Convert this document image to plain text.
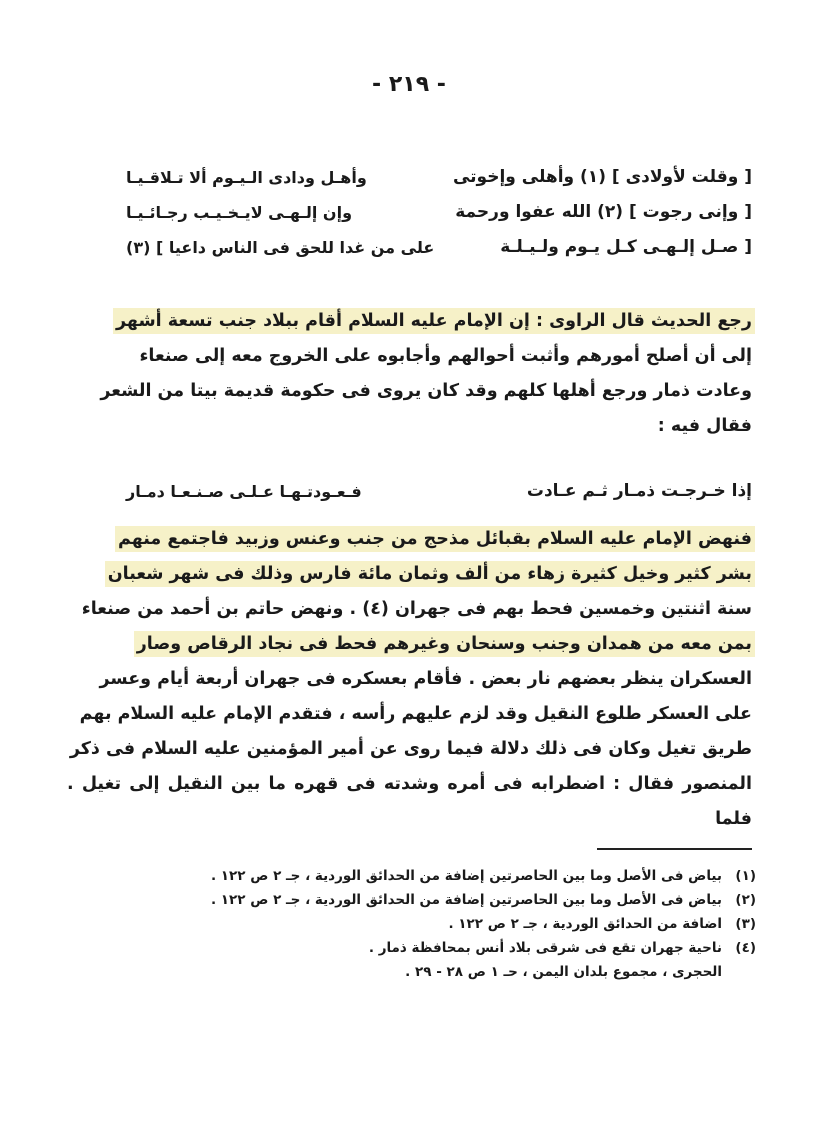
- ٢١٩ -
[ وقلت لأولادى ] (١) وأهلى وإخوتى
وأهـل ودادى الـيـوم ألا تـلاقـيـا
[ وإنى رجوت ] (٢) الله عفوا ورحمة
وإن إلـهـى لايـخـيـب رجـائـيـا
[ صـل إلـهـى كـل يـوم ولـيـلـة
على من غدا للحق فى الناس داعيا ] (٣)
رجع الحديث قال الراوى : إن الإمام عليه السلام أقام ببلاد جنب تسعة أشهر
إلى أن أصلح أمورهم وأثبت أحوالهم وأجابوه على الخروج معه إلى صنعاء
وعادت ذمار ورجع أهلها كلهم وقد كان يروى فى حكومة قديمة بيتا من الشعر
فقال فيه :
إذا خـرجـت ذمـار ثـم عـادت
فـعـودتـهـا عـلـى صـنـعـا دمـار
فنهض الإمام عليه السلام بقبائل مذحج من جنب وعنس وزبيد فاجتمع منهم
بشر كثير وخيل كثيرة زهاء من ألف وثمان مائة فارس وذلك فى شهر شعبان
سنة اثنتين وخمسين فحط بهم فى جهران (٤) . ونهض حاتم بن أحمد من صنعاء
بمن معه من همدان وجنب وسنحان وغيرهم فحط فى نجاد الرقاص وصار
العسكران ينظر بعضهم نار بعض . فأقام بعسكره فى جهران أربعة أيام وعسر
على العسكر طلوع النقيل وقد لزم عليهم رأسه ، فتقدم الإمام عليه السلام بهم
طريق تغيل وكان فى ذلك دلالة فيما روى عن أمير المؤمنين عليه السلام فى ذكر
المنصور فقال : اضطرابه فى أمره وشدته فى قهره ما بين النقيل إلى تغيل . فلما
(١)
بياض فى الأصل وما بين الحاصرتين إضافة من الحدائق الوردية ، جـ ٢ ص ١٢٢ .
(٢)
بياض فى الأصل وما بين الحاصرتين إضافة من الحدائق الوردية ، جـ ٢ ص ١٢٢ .
(٣)
اضافة من الحدائق الوردية ، جـ ٢ ص ١٢٢ .
(٤)
ناحية جهران تقع فى شرقى بلاد أنس بمحافظة ذمار .
الحجرى ، مجموع بلدان اليمن ، حـ ١ ص ٢٨ - ٢٩ .
